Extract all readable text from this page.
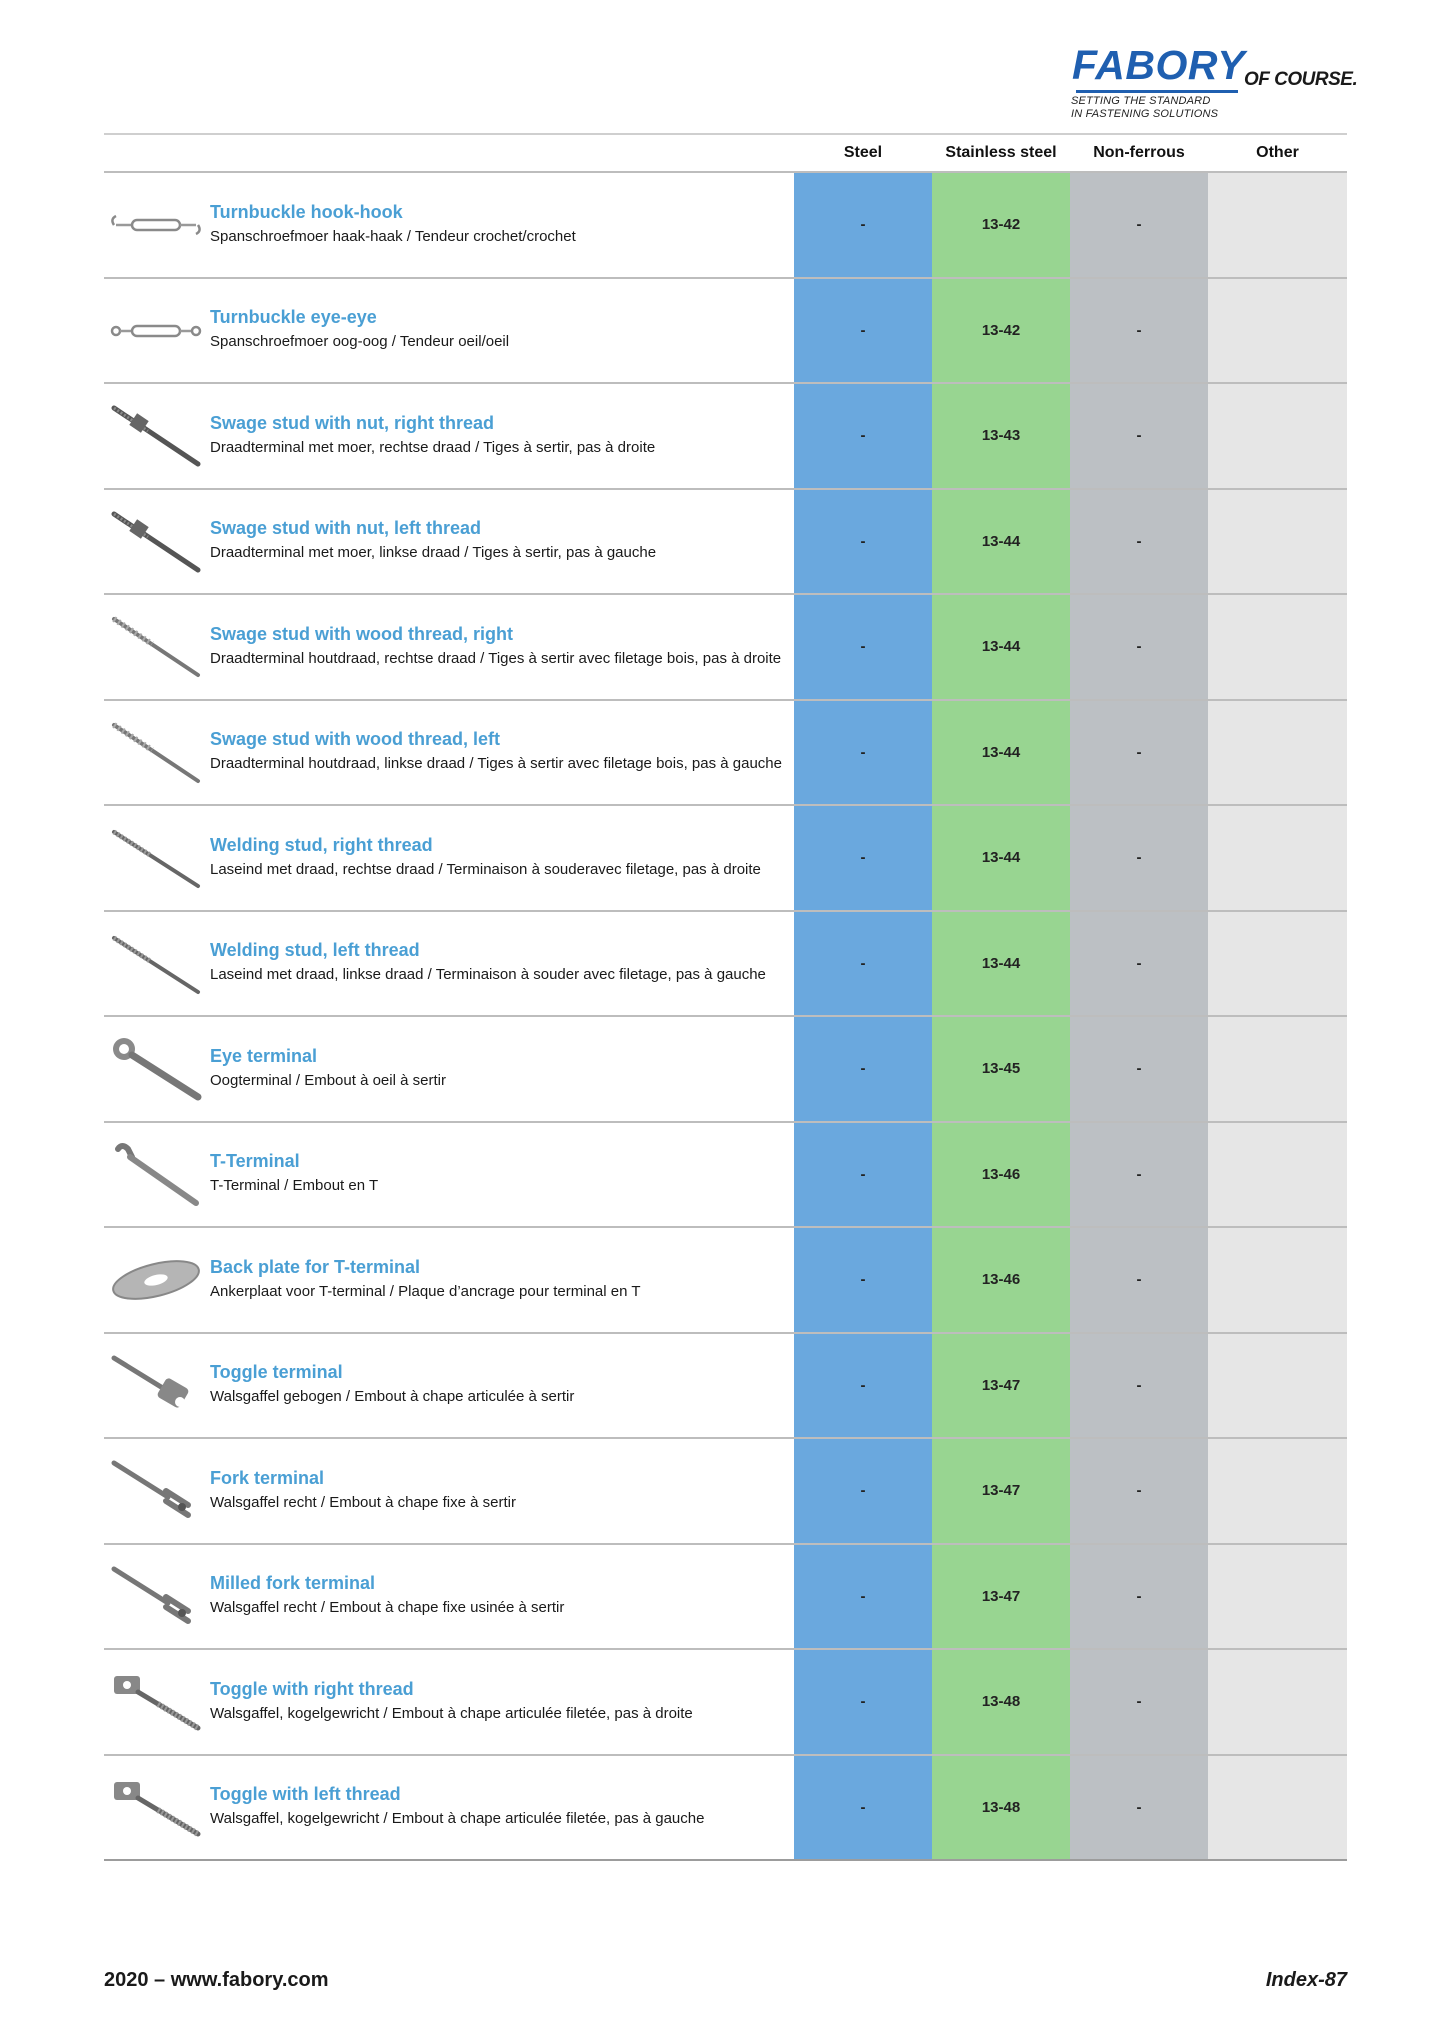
FABORY
OF COURSE.
SETTING THE STANDARD
IN FASTENING SOLUTIONS
Steel	Stainless steel	Non-ferrous	Other
Turnbuckle hook-hook
Spanschroefmoer haak-haak / Tendeur crochet/crochet
-	13-42	-
Turnbuckle eye-eye
Spanschroefmoer oog-oog / Tendeur oeil/oeil
-	13-42	-
Swage stud with nut, right thread
Draadterminal met moer, rechtse draad / Tiges à sertir, pas à droite
-	13-43	-
Swage stud with nut, left thread
Draadterminal met moer, linkse draad / Tiges à sertir, pas à gauche
-	13-44	-
Swage stud with wood thread, right
Draadterminal houtdraad, rechtse draad / Tiges à sertir avec filetage bois, pas à droite
-	13-44	-
Swage stud with wood thread, left
Draadterminal houtdraad, linkse draad / Tiges à sertir avec filetage bois, pas à gauche
-	13-44	-
Welding stud, right thread
Laseind met draad, rechtse draad / Terminaison à souderavec filetage, pas à droite
-	13-44	-
Welding stud, left thread
Laseind met draad, linkse draad / Terminaison à souder avec filetage, pas à gauche
-	13-44	-
Eye terminal
Oogterminal / Embout à oeil à sertir
-	13-45	-
T-Terminal
T-Terminal / Embout en T
-	13-46	-
Back plate for T-terminal
Ankerplaat voor T-terminal / Plaque d’ancrage pour terminal en T
-	13-46	-
Toggle terminal
Walsgaffel gebogen / Embout à chape articulée à sertir
-	13-47	-
Fork terminal
Walsgaffel recht / Embout à chape fixe à sertir
-	13-47	-
Milled fork terminal
Walsgaffel recht / Embout à chape fixe usinée à sertir
-	13-47	-
Toggle with right thread
Walsgaffel, kogelgewricht / Embout à chape articulée filetée, pas à droite
-	13-48	-
Toggle with left thread
Walsgaffel, kogelgewricht / Embout à chape articulée filetée, pas à gauche
-	13-48	-
2020 – www.fabory.com	Index-87
